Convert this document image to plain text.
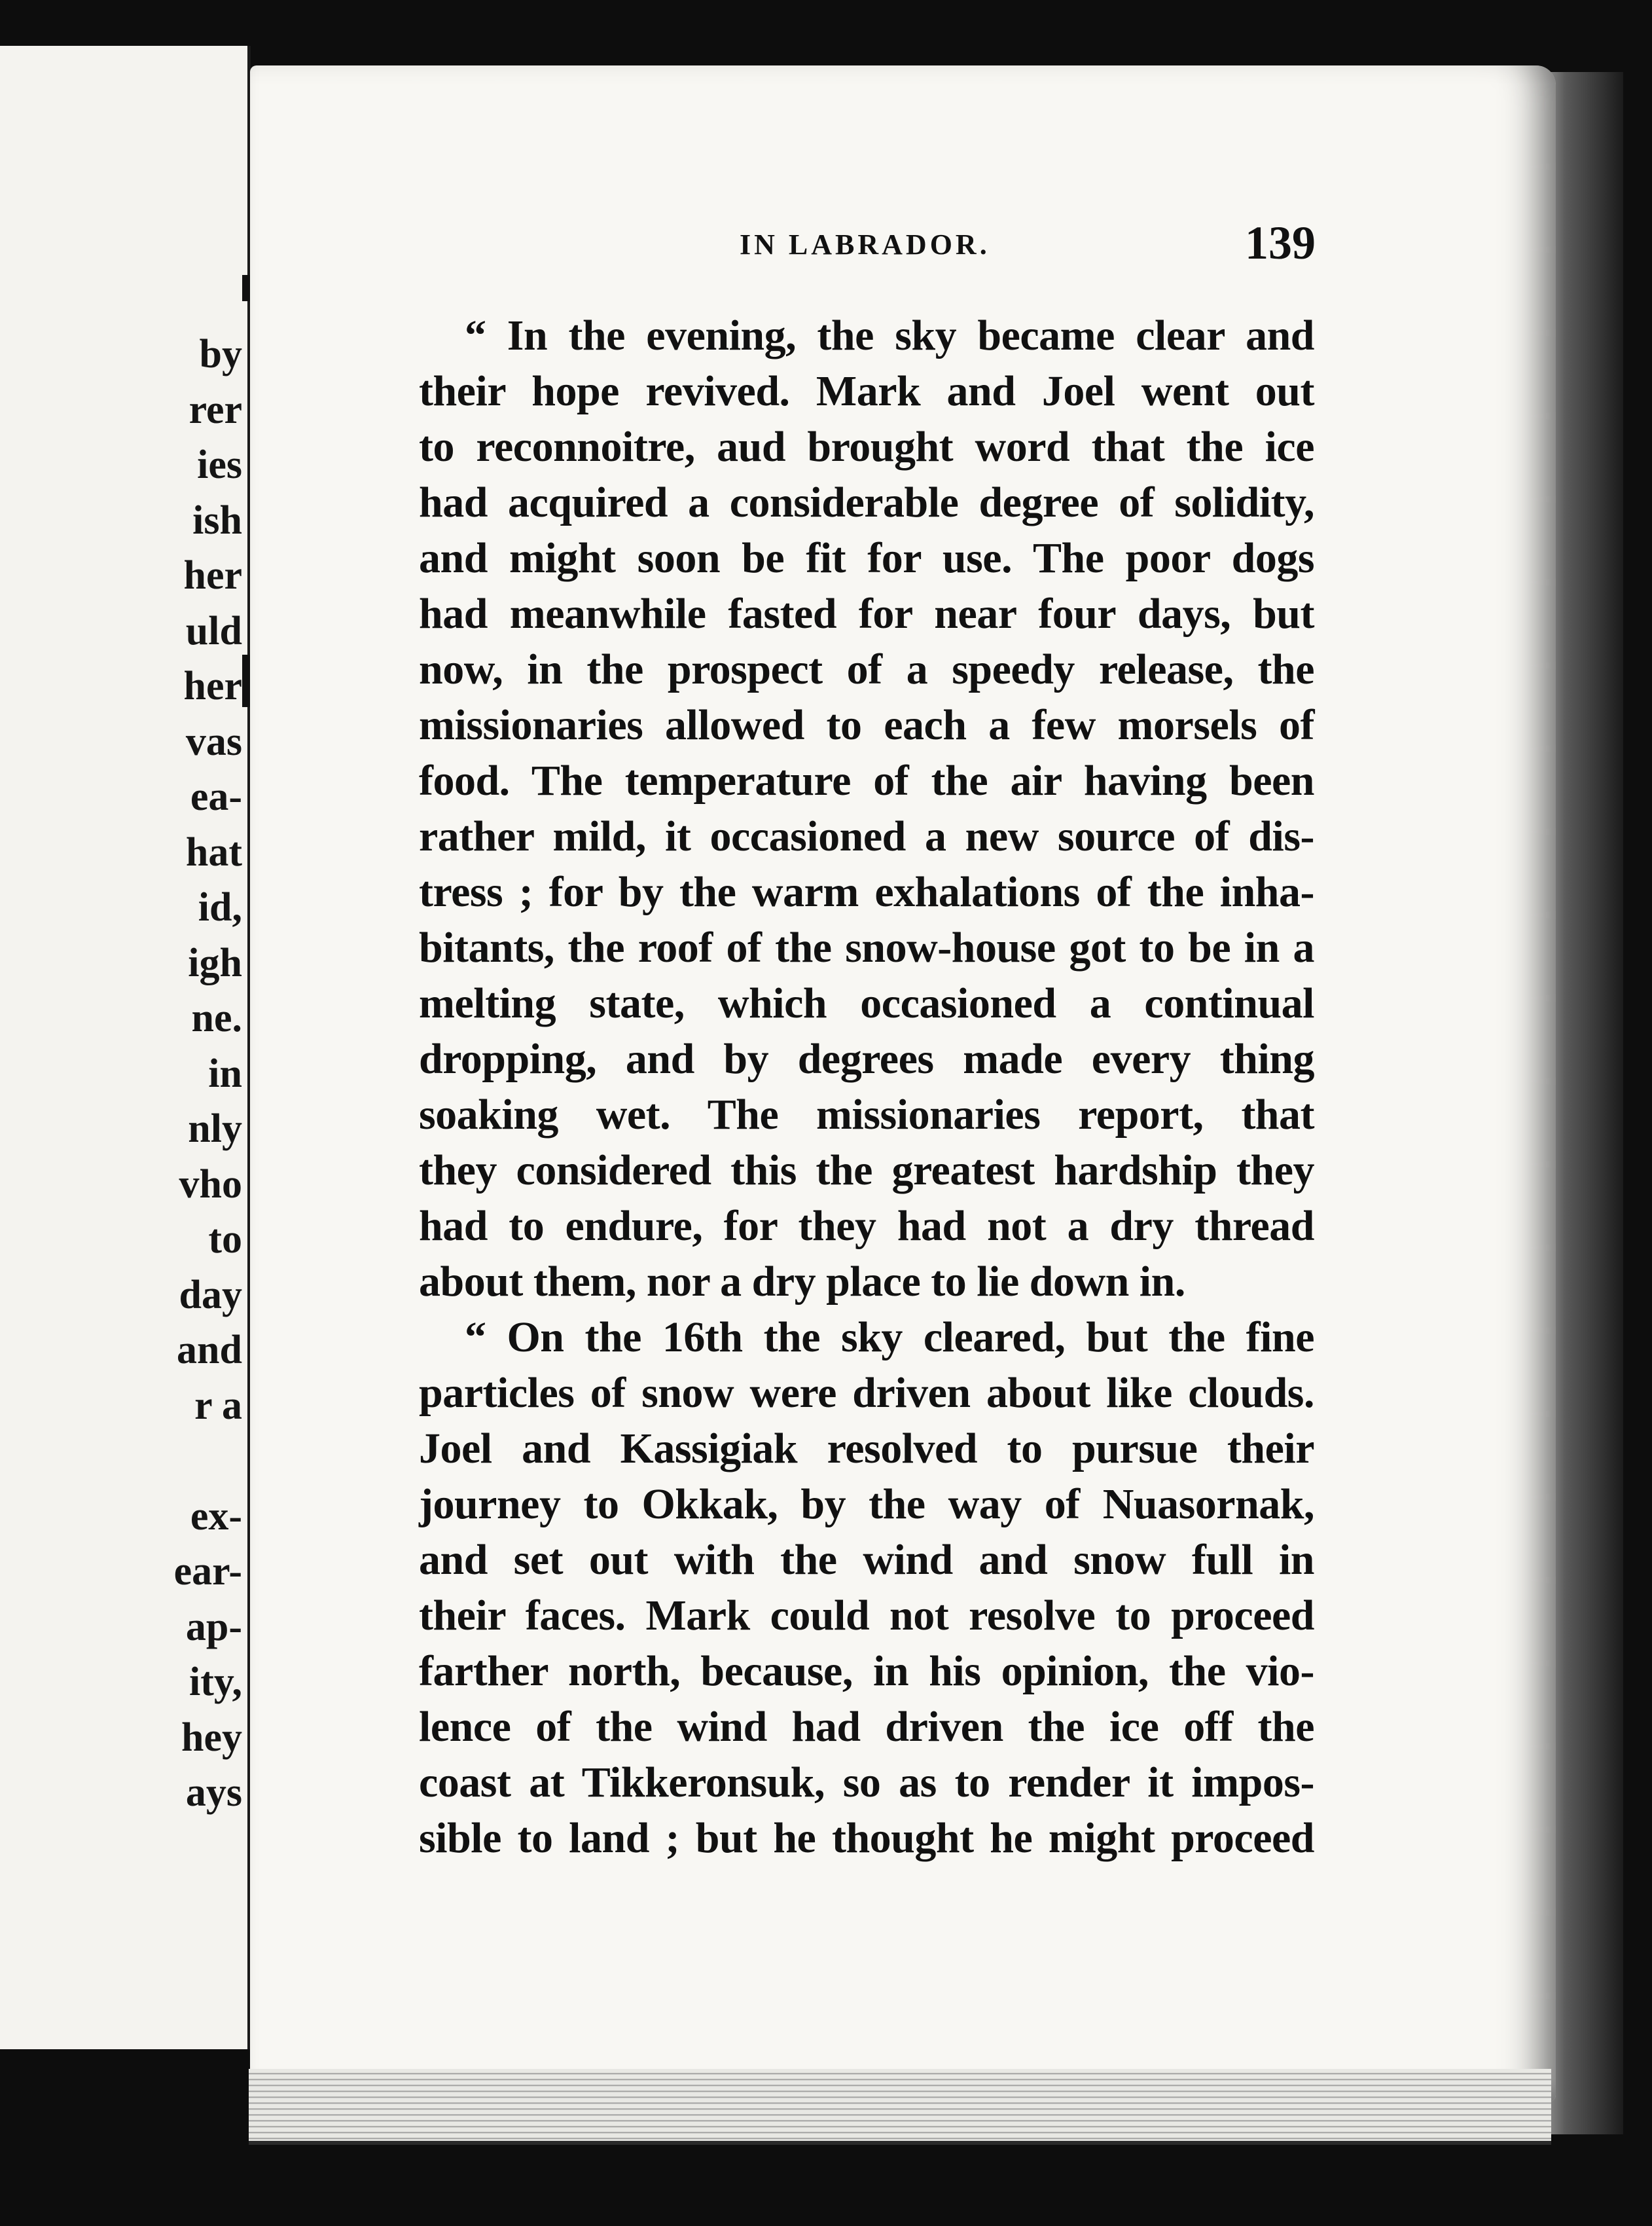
by
rer
ies
ish
her
uld
her
vas
ea-
hat
id,
igh
ne.
in
nly
vho
to
day
and
r a
ex-
ear-
ap-
ity,
hey
ays
IN LABRADOR.	139
“ In the evening, the sky became clear and
their hope revived. Mark and Joel went out
to reconnoitre, aud brought word that the ice
had acquired a considerable degree of solidity,
and might soon be fit for use. The poor dogs
had meanwhile fasted for near four days, but
now, in the prospect of a speedy release, the
missionaries allowed to each a few morsels of
food. The temperature of the air having been
rather mild, it occasioned a new source of dis-
tress ; for by the warm exhalations of the inha-
bitants, the roof of the snow-house got to be in a
melting state, which occasioned a continual
dropping, and by degrees made every thing
soaking wet. The missionaries report, that
they considered this the greatest hardship they
had to endure, for they had not a dry thread
about them, nor a dry place to lie down in.
“ On the 16th the sky cleared, but the fine
particles of snow were driven about like clouds.
Joel and Kassigiak resolved to pursue their
journey to Okkak, by the way of Nuasornak,
and set out with the wind and snow full in
their faces. Mark could not resolve to proceed
farther north, because, in his opinion, the vio-
lence of the wind had driven the ice off the
coast at Tikkeronsuk, so as to render it impos-
sible to land ; but he thought he might proceed
